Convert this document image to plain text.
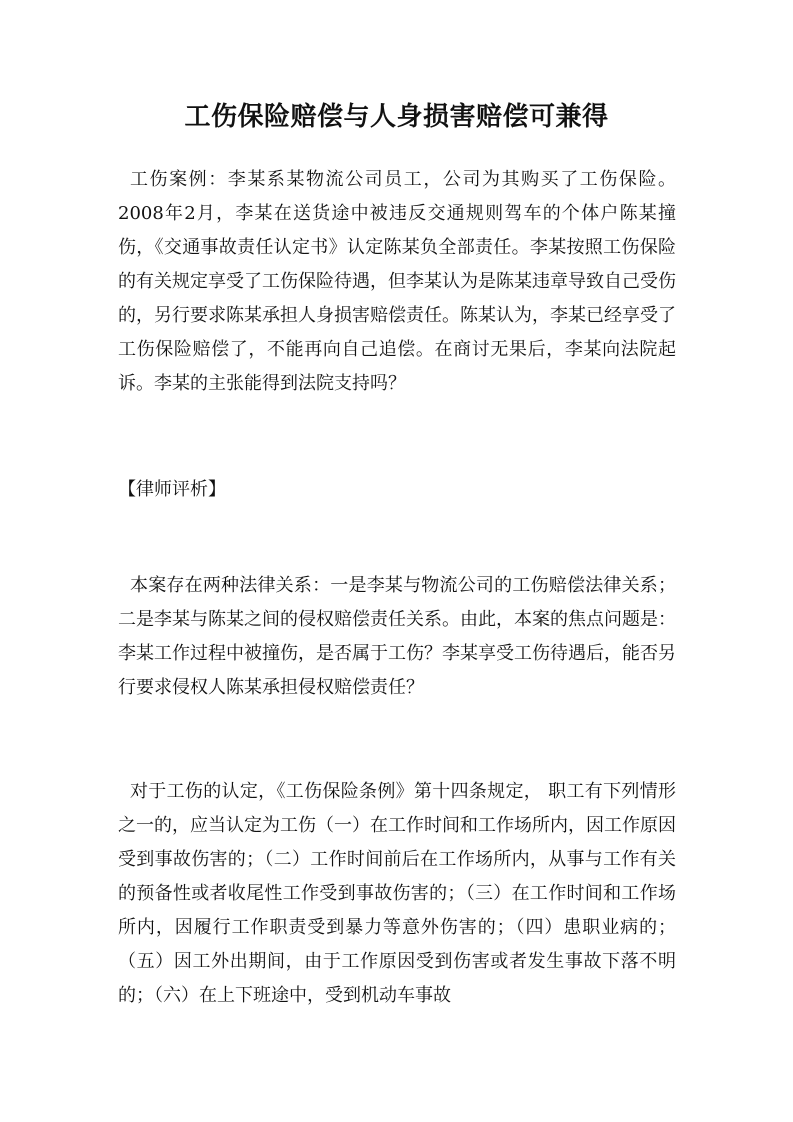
工伤保险赔偿与人身损害赔偿可兼得

工伤案例：李某系某物流公司员工，公司为其购买了工伤保险。2008年2月，李某在送货途中被违反交通规则驾车的个体户陈某撞伤，《交通事故责任认定书》认定陈某负全部责任。李某按照工伤保险的有关规定享受了工伤保险待遇，但李某认为是陈某违章导致自己受伤的，另行要求陈某承担人身损害赔偿责任。陈某认为，李某已经享受了工伤保险赔偿了，不能再向自己追偿。在商讨无果后，李某向法院起诉。李某的主张能得到法院支持吗？

【律师评析】

本案存在两种法律关系：一是李某与物流公司的工伤赔偿法律关系；二是李某与陈某之间的侵权赔偿责任关系。由此，本案的焦点问题是：李某工作过程中被撞伤，是否属于工伤？李某享受工伤待遇后，能否另行要求侵权人陈某承担侵权赔偿责任？

对于工伤的认定，《工伤保险条例》第十四条规定， 职工有下列情形之一的，应当认定为工伤（一）在工作时间和工作场所内，因工作原因受到事故伤害的；（二）工作时间前后在工作场所内，从事与工作有关的预备性或者收尾性工作受到事故伤害的；（三）在工作时间和工作场所内，因履行工作职责受到暴力等意外伤害的；（四）患职业病的；（五）因工外出期间，由于工作原因受到伤害或者发生事故下落不明的；（六）在上下班途中，受到机动车事故
